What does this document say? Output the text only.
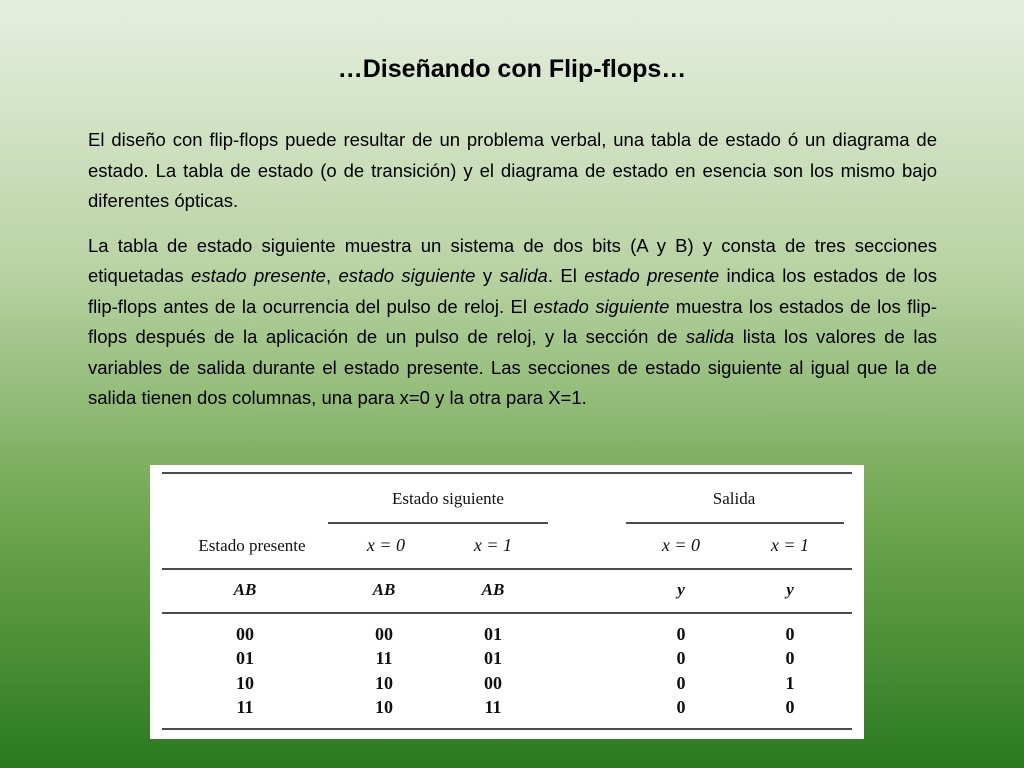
…Diseñando con Flip-flops…

El diseño con flip-flops puede resultar de un problema verbal, una tabla de estado ó un diagrama de estado. La tabla de estado (o de transición) y el diagrama de estado en esencia son los mismo bajo diferentes ópticas.

La tabla de estado siguiente muestra un sistema de dos bits (A y B) y consta de tres secciones etiquetadas estado presente, estado siguiente y salida. El estado presente indica los estados de los flip-flops antes de la ocurrencia del pulso de reloj. El estado siguiente muestra los estados de los flip-flops después de la aplicación de un pulso de reloj, y la sección de salida lista los valores de las variables de salida durante el estado presente. Las secciones de estado siguiente al igual que la de salida tienen dos columnas, una para x=0 y la otra para X=1.

Estado siguiente	Salida
Estado presente	x = 0	x = 1	x = 0	x = 1
AB	AB	AB	y	y
00	00	01	0	0
01	11	01	0	0
10	10	00	0	1
11	10	11	0	0
